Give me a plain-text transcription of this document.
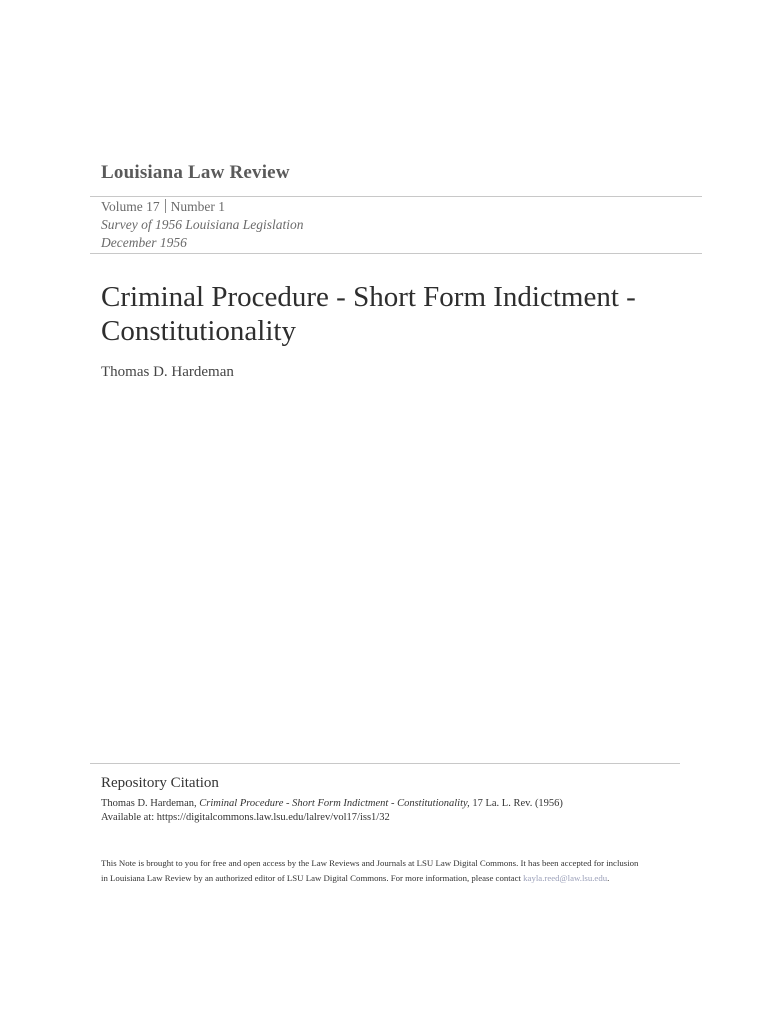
Louisiana Law Review
Volume 17 Number 1
Survey of 1956 Louisiana Legislation
December 1956
Criminal Procedure - Short Form Indictment -
Constitutionality
Thomas D. Hardeman
Repository Citation
Thomas D. Hardeman, Criminal Procedure - Short Form Indictment - Constitutionality, 17 La. L. Rev. (1956)
Available at: https://digitalcommons.law.lsu.edu/lalrev/vol17/iss1/32
This Note is brought to you for free and open access by the Law Reviews and Journals at LSU Law Digital Commons. It has been accepted for inclusion
in Louisiana Law Review by an authorized editor of LSU Law Digital Commons. For more information, please contact kayla.reed@law.lsu.edu.
